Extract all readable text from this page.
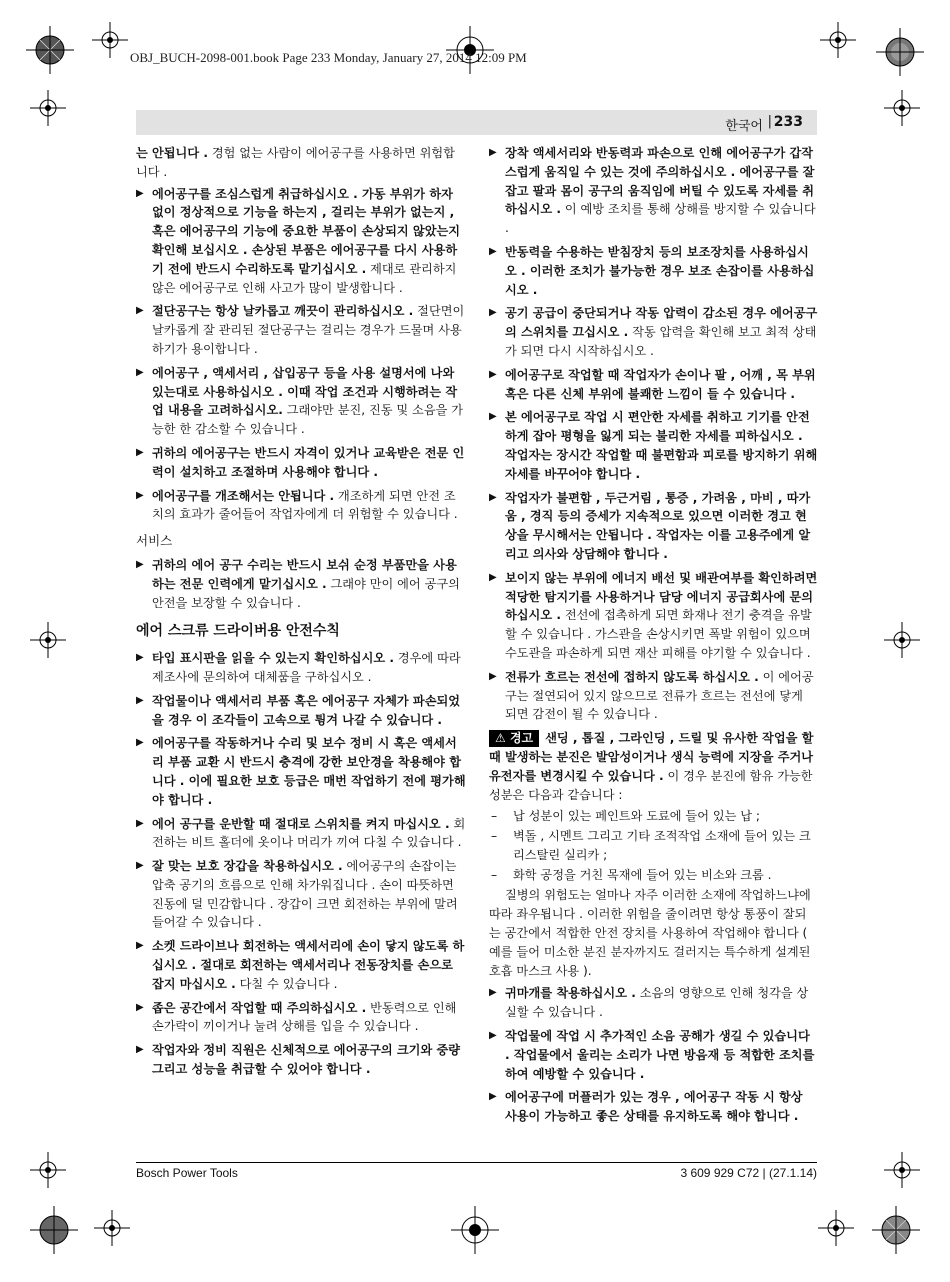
OBJ_BUCH-2098-001.book Page 233 Monday, January 27, 2014 12:09 PM
한국어 | 233

는 안됩니다 . 경험 없는 사람이 에어공구를 사용하면 위험합니다 .

▶ 에어공구를 조심스럽게 취급하십시오 . 가동 부위가 하자 없이 정상적으로 기능을 하는지 , 걸리는 부위가 없는지 , 혹은 에어공구의 기능에 중요한 부품이 손상되지 않았는지 확인해 보십시오 . 손상된 부품은 에어공구를 다시 사용하기 전에 반드시 수리하도록 맡기십시오 . 제대로 관리하지 않은 에어공구로 인해 사고가 많이 발생합니다 .
▶ 절단공구는 항상 날카롭고 깨끗이 관리하십시오 . 절단면이 날카롭게 잘 관리된 절단공구는 걸리는 경우가 드물며 사용하기가 용이합니다 .
▶ 에어공구 , 액세서리 , 삽입공구 등을 사용 설명서에 나와 있는대로 사용하십시오 . 이때 작업 조건과 시행하려는 작업 내용을 고려하십시오. 그래야만 분진, 진동 및 소음을 가능한 한 감소할 수 있습니다 .
▶ 귀하의 에어공구는 반드시 자격이 있거나 교육받은 전문 인력이 설치하고 조절하며 사용해야 합니다 .
▶ 에어공구를 개조해서는 안됩니다 . 개조하게 되면 안전 조치의 효과가 줄어들어 작업자에게 더 위험할 수 있습니다 .
서비스
▶ 귀하의 에어 공구 수리는 반드시 보쉬 순정 부품만을 사용하는 전문 인력에게 맡기십시오 . 그래야 만이 에어 공구의 안전을 보장할 수 있습니다 .
에어 스크류 드라이버용 안전수칙
▶ 타입 표시판을 읽을 수 있는지 확인하십시오 . 경우에 따라 제조사에 문의하여 대체품을 구하십시오 .
▶ 작업물이나 액세서리 부품 혹은 에어공구 자체가 파손되었을 경우 이 조각들이 고속으로 튕겨 나갈 수 있습니다 .
▶ 에어공구를 작동하거나 수리 및 보수 정비 시 혹은 액세서리 부품 교환 시 반드시 충격에 강한 보안경을 착용해야 합니다 . 이에 필요한 보호 등급은 매번 작업하기 전에 평가해야 합니다 .
▶ 에어 공구를 운반할 때 절대로 스위치를 켜지 마십시오 . 회전하는 비트 홀더에 옷이나 머리가 끼여 다칠 수 있습니다 .
▶ 잘 맞는 보호 장갑을 착용하십시오 . 에어공구의 손잡이는 압축 공기의 흐름으로 인해 차가워집니다 . 손이 따뜻하면 진동에 덜 민감합니다 . 장갑이 크면 회전하는 부위에 말려 들어갈 수 있습니다 .
▶ 소켓 드라이브나 회전하는 액세서리에 손이 닿지 않도록 하십시오 . 절대로 회전하는 액세서리나 전동장치를 손으로 잡지 마십시오 . 다칠 수 있습니다 .
▶ 좁은 공간에서 작업할 때 주의하십시오 . 반동력으로 인해 손가락이 끼이거나 눌려 상해를 입을 수 있습니다 .
▶ 작업자와 정비 직원은 신체적으로 에어공구의 크기와 중량 그리고 성능을 취급할 수 있어야 합니다 .
▶ 장착 액세서리와 반동력과 파손으로 인해 에어공구가 갑작스럽게 움직일 수 있는 것에 주의하십시오 . 에어공구를 잘 잡고 팔과 몸이 공구의 움직임에 버틸 수 있도록 자세를 취하십시오 . 이 예방 조치를 통해 상해를 방지할 수 있습니다 .
▶ 반동력을 수용하는 받침장치 등의 보조장치를 사용하십시오 . 이러한 조치가 불가능한 경우 보조 손잡이를 사용하십시오 .
▶ 공기 공급이 중단되거나 작동 압력이 감소된 경우 에어공구의 스위치를 끄십시오 . 작동 압력을 확인해 보고 최적 상태가 되면 다시 시작하십시오 .
▶ 에어공구로 작업할 때 작업자가 손이나 팔 , 어깨 , 목 부위 혹은 다른 신체 부위에 불쾌한 느낌이 들 수 있습니다 .
▶ 본 에어공구로 작업 시 편안한 자세를 취하고 기기를 안전하게 잡아 평형을 잃게 되는 불리한 자세를 피하십시오 . 작업자는 장시간 작업할 때 불편함과 피로를 방지하기 위해 자세를 바꾸어야 합니다 .
▶ 작업자가 불편함 , 두근거림 , 통증 , 가려움 , 마비 , 따가움 , 경직 등의 증세가 지속적으로 있으면 이러한 경고 현상을 무시해서는 안됩니다 . 작업자는 이를 고용주에게 알리고 의사와 상담해야 합니다 .
▶ 보이지 않는 부위에 에너지 배선 및 배관여부를 확인하려면 적당한 탐지기를 사용하거나 담당 에너지 공급회사에 문의하십시오 . 전선에 접촉하게 되면 화재나 전기 충격을 유발할 수 있습니다 . 가스관을 손상시키면 폭발 위험이 있으며 수도관을 파손하게 되면 재산 피해를 야기할 수 있습니다 .
▶ 전류가 흐르는 전선에 접하지 않도록 하십시오 . 이 에어공구는 절연되어 있지 않으므로 전류가 흐르는 전선에 닿게 되면 감전이 될 수 있습니다 .

⚠ 경고 샌딩 , 톱질 , 그라인딩 , 드릴 및 유사한 작업을 할 때 발생하는 분진은 발암성이거나 생식 능력에 지장을 주거나 유전자를 변경시킬 수 있습니다 . 이 경우 분진에 함유 가능한 성분은 다음과 같습니다 :

– 납 성분이 있는 페인트와 도료에 들어 있는 납 ;
– 벽돌 , 시멘트 그리고 기타 조적작업 소재에 들어 있는 크리스탈린 실리카 ;
– 화학 공정을 거친 목재에 들어 있는 비소와 크롬 .

질병의 위험도는 얼마나 자주 이러한 소재에 작업하느냐에 따라 좌우됩니다 . 이러한 위험을 줄이려면 항상 통풍이 잘되는 공간에서 적합한 안전 장치를 사용하여 작업해야 합니다 ( 예를 들어 미소한 분진 분자까지도 걸러지는 특수하게 설계된 호흡 마스크 사용 ).

▶ 귀마개를 착용하십시오 . 소음의 영향으로 인해 청각을 상실할 수 있습니다 .
▶ 작업물에 작업 시 추가적인 소음 공해가 생길 수 있습니다 . 작업물에서 울리는 소리가 나면 방음재 등 적합한 조치를 하여 예방할 수 있습니다 .
▶ 에어공구에 머플러가 있는 경우 , 에어공구 작동 시 항상 사용이 가능하고 좋은 상태를 유지하도록 해야 합니다 .
Bosch Power Tools	3 609 929 C72 | (27.1.14)
